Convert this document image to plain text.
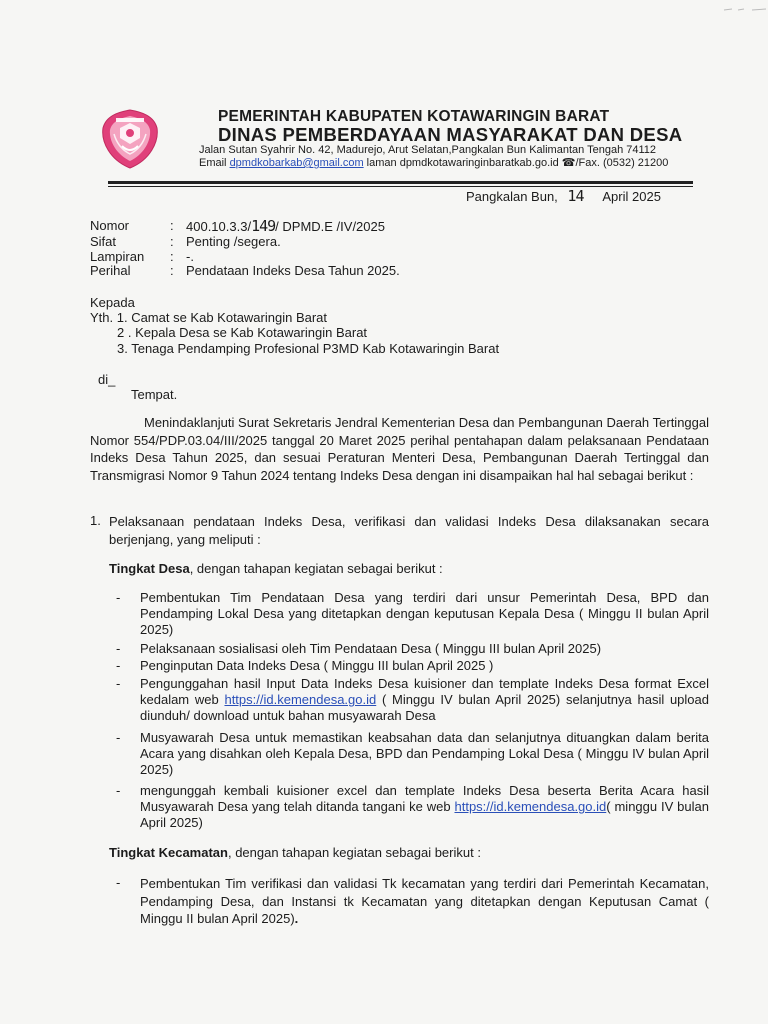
PEMERINTAH KABUPATEN KOTAWARINGIN BARAT
DINAS PEMBERDAYAAN MASYARAKAT DAN DESA
Jalan Sutan Syahrir No. 42, Madurejo, Arut Selatan,Pangkalan Bun Kalimantan Tengah 74112
Email dpmdkobarkab@gmail.com laman dpmdkotawaringinbaratkab.go.id ☎/Fax. (0532) 21200
Pangkalan Bun, 14 April 2025
Nomor	: 400.10.3.3/149/ DPMD.E /IV/2025
Sifat	: Penting /segera.
Lampiran : -.
Perihal	: Pendataan Indeks Desa Tahun 2025.
Kepada
Yth. 1. Camat se Kab Kotawaringin Barat
2 . Kepala Desa se Kab Kotawaringin Barat
3. Tenaga Pendamping Profesional P3MD Kab Kotawaringin Barat
di_
Tempat.
Menindaklanjuti Surat Sekretaris Jendral Kementerian Desa dan Pembangunan Daerah Tertinggal Nomor 554/PDP.03.04/III/2025 tanggal 20 Maret 2025 perihal pentahapan dalam pelaksanaan Pendataan Indeks Desa Tahun 2025, dan sesuai Peraturan Menteri Desa, Pembangunan Daerah Tertinggal dan Transmigrasi Nomor 9 Tahun 2024 tentang Indeks Desa dengan ini disampaikan hal hal sebagai berikut :
1. Pelaksanaan pendataan Indeks Desa, verifikasi dan validasi Indeks Desa dilaksanakan secara berjenjang, yang meliputi :
Tingkat Desa, dengan tahapan kegiatan sebagai berikut :
- Pembentukan Tim Pendataan Desa yang terdiri dari unsur Pemerintah Desa, BPD dan Pendamping Lokal Desa yang ditetapkan dengan keputusan Kepala Desa ( Minggu II bulan April 2025)
- Pelaksanaan sosialisasi oleh Tim Pendataan Desa ( Minggu III bulan April 2025)
- Penginputan Data Indeks Desa ( Minggu III bulan April 2025 )
- Pengunggahan hasil Input Data Indeks Desa kuisioner dan template Indeks Desa format Excel kedalam web https://id.kemendesa.go.id ( Minggu IV bulan April 2025) selanjutnya hasil upload diunduh/ download untuk bahan musyawarah Desa
- Musyawarah Desa untuk memastikan keabsahan data dan selanjutnya dituangkan dalam berita Acara yang disahkan oleh Kepala Desa, BPD dan Pendamping Lokal Desa ( Minggu IV bulan April 2025)
- mengunggah kembali kuisioner excel dan template Indeks Desa beserta Berita Acara hasil Musyawarah Desa yang telah ditanda tangani ke web https://id.kemendesa.go.id( minggu IV bulan April 2025)
Tingkat Kecamatan, dengan tahapan kegiatan sebagai berikut :
- Pembentukan Tim verifikasi dan validasi Tk kecamatan yang terdiri dari Pemerintah Kecamatan, Pendamping Desa, dan Instansi tk Kecamatan yang ditetapkan dengan Keputusan Camat ( Minggu II bulan April 2025).
